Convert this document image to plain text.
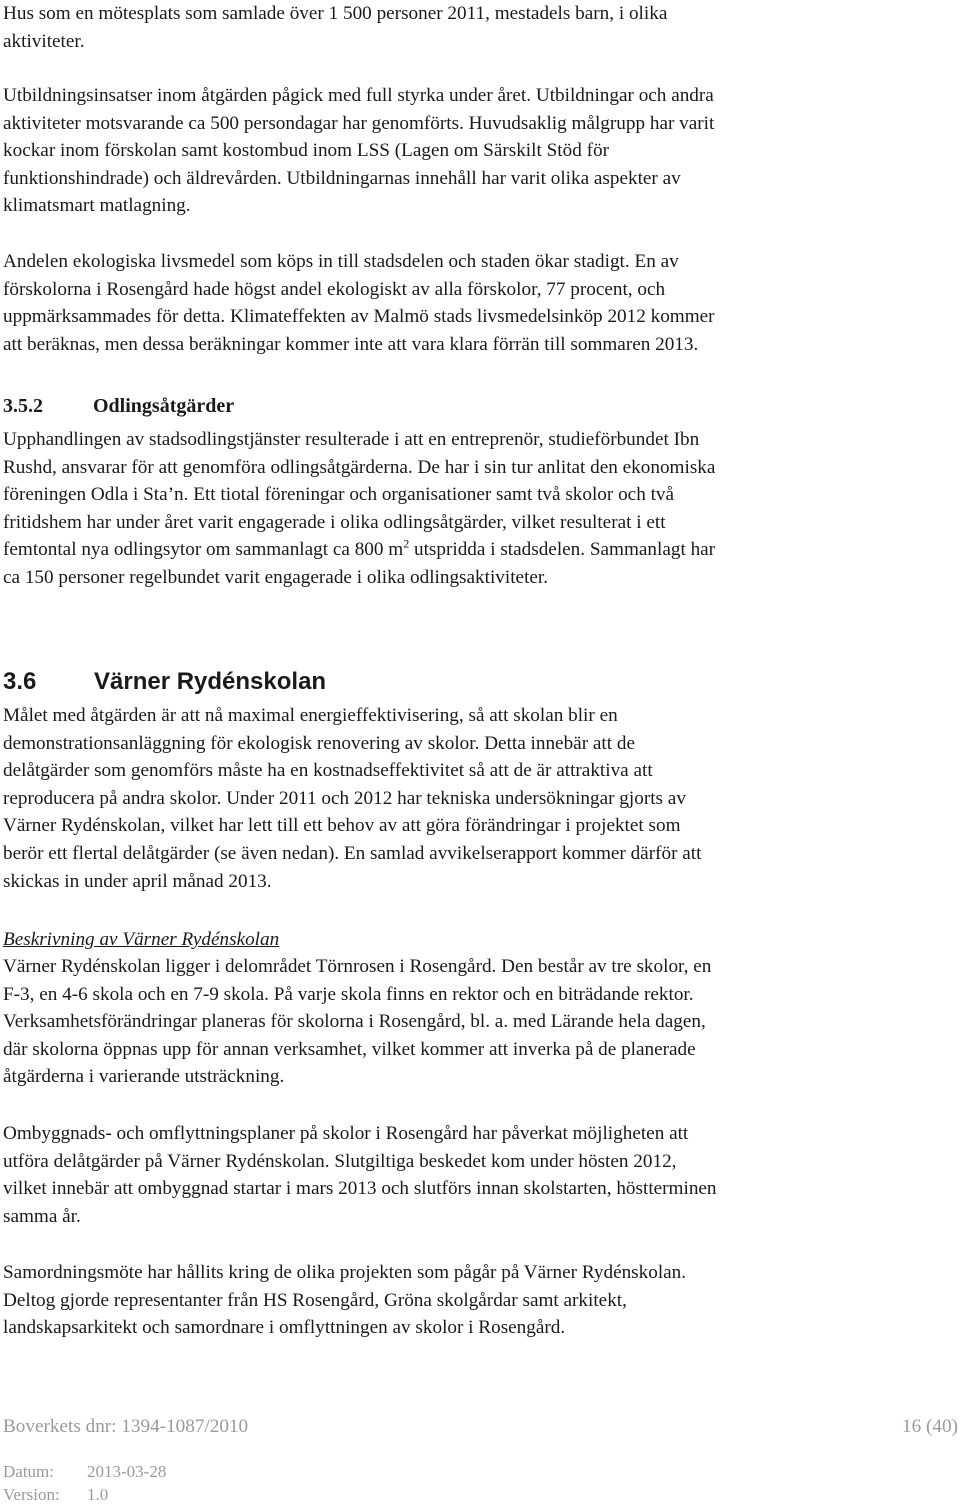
Hus som en mötesplats som samlade över 1 500 personer 2011, mestadels barn, i olika
aktiviteter.

Utbildningsinsatser inom åtgärden pågick med full styrka under året. Utbildningar och andra
aktiviteter motsvarande ca 500 persondagar har genomförts. Huvudsaklig målgrupp har varit
kockar inom förskolan samt kostombud inom LSS (Lagen om Särskilt Stöd för
funktionshindrade) och äldrevården. Utbildningarnas innehåll har varit olika aspekter av
klimatsmart matlagning.

Andelen ekologiska livsmedel som köps in till stadsdelen och staden ökar stadigt. En av
förskolorna i Rosengård hade högst andel ekologiskt av alla förskolor, 77 procent, och
uppmärksammades för detta. Klimateffekten av Malmö stads livsmedelsinköp 2012 kommer
att beräknas, men dessa beräkningar kommer inte att vara klara förrän till sommaren 2013.

3.5.2	Odlingsåtgärder

Upphandlingen av stadsodlingstjänster resulterade i att en entreprenör, studieförbundet Ibn
Rushd, ansvarar för att genomföra odlingsåtgärderna. De har i sin tur anlitat den ekonomiska
föreningen Odla i Sta’n. Ett tiotal föreningar och organisationer samt två skolor och två
fritidshem har under året varit engagerade i olika odlingsåtgärder, vilket resulterat i ett
femtontal nya odlingsytor om sammanlagt ca 800 $m^2$ utspridda i stadsdelen. Sammanlagt har
ca 150 personer regelbundet varit engagerade i olika odlingsaktiviteter.

3.6 Värner Rydénskolan

Målet med åtgärden är att nå maximal energieffektivisering, så att skolan blir en
demonstrationsanläggning för ekologisk renovering av skolor. Detta innebär att de
delåtgärder som genomförs måste ha en kostnadseffektivitet så att de är attraktiva att
reproducera på andra skolor. Under 2011 och 2012 har tekniska undersökningar gjorts av
Värner Rydénskolan, vilket har lett till ett behov av att göra förändringar i projektet som
berör ett flertal delåtgärder (se även nedan). En samlad avvikelserapport kommer därför att
skickas in under april månad 2013.

Beskrivning av Värner Rydénskolan

Värner Rydénskolan ligger i delområdet Törnrosen i Rosengård. Den består av tre skolor, en
F-3, en 4-6 skola och en 7-9 skola. På varje skola finns en rektor och en biträdande rektor.
Verksamhetsförändringar planeras för skolorna i Rosengård, bl. a. med Lärande hela dagen,
där skolorna öppnas upp för annan verksamhet, vilket kommer att inverka på de planerade
åtgärderna i varierande utsträckning.

Ombyggnads- och omflyttningsplaner på skolor i Rosengård har påverkat möjligheten att
utföra delåtgärder på Värner Rydénskolan. Slutgiltiga beskedet kom under hösten 2012,
vilket innebär att ombyggnad startar i mars 2013 och slutförs innan skolstarten, höstterminen
samma år.

Samordningsmöte har hållits kring de olika projekten som pågår på Värner Rydénskolan.
Deltog gjorde representanter från HS Rosengård, Gröna skolgårdar samt arkitekt,
landskapsarkitekt och samordnare i omflyttningen av skolor i Rosengård.

Boverkets dnr: 1394-1087/2010	16 (40)
Datum: 2013-03-28
Version: 1.0
